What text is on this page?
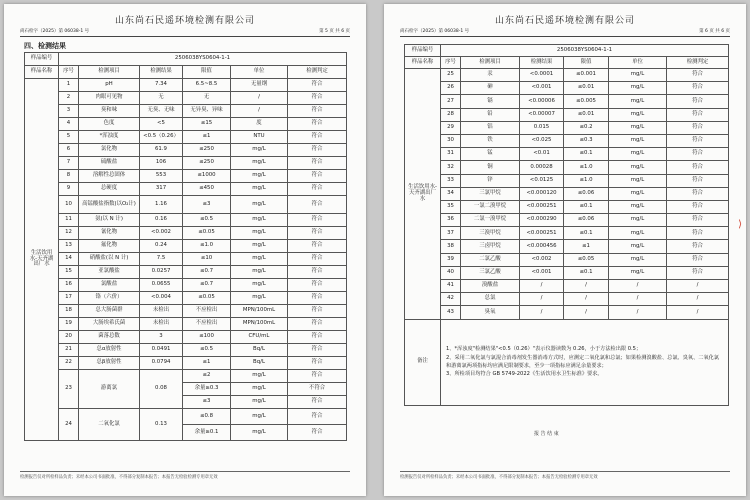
山东尚石民遥环境检测有限公司
尚石检字（2025）第 06038-1 号	第 5 页 共 6 页
四、检测结果
样品编号	2506038YS0604-1-1					
样品名称	序号	检测项目	检测结果	限值	单位	检测判定
生活饮用水-天齐湖出厂水	1	pH	7.34	6.5~8.5	无量纲	符合
	2	肉眼可见物	无	无	/	符合
	3	臭和味	无臭、无味	无异臭、异味	/	符合
	4	色度	<5	≤15	度	符合
	5	*浑浊度	<0.5（0.26）	≤1	NTU	符合
	6	氯化物	61.9	≤250	mg/L	符合
	7	硫酸盐	106	≤250	mg/L	符合
	8	溶解性总固体	553	≤1000	mg/L	符合
	9	总硬度	317	≤450	mg/L	符合
	10	高锰酸盐指数(以O₂计)	1.16	≤3	mg/L	符合
	11	氨(以 N 计)	0.16	≤0.5	mg/L	符合
	12	氰化物	<0.002	≤0.05	mg/L	符合
	13	氟化物	0.24	≤1.0	mg/L	符合
	14	硝酸盐(以 N 计)	7.5	≤10	mg/L	符合
	15	亚氯酸盐	0.0257	≤0.7	mg/L	符合
	16	氯酸盐	0.0655	≤0.7	mg/L	符合
	17	铬（六价）	<0.004	≤0.05	mg/L	符合
	18	总大肠菌群	未检出	不应检出	MPN/100mL	符合
	19	大肠埃希氏菌	未检出	不应检出	MPN/100mL	符合
	20	菌落总数	3	≤100	CFU/mL	符合
	21	总α放射性	0.0491	≤0.5	Bq/L	符合
	22	总β放射性	0.0794	≤1	Bq/L	符合
	23	游离氯	0.08	≤2	mg/L	符合
				余量≥0.3	mg/L	不符合
				≤3	mg/L	符合
	24	二氧化氯	0.13	≤0.8	mg/L	符合
				余量≥0.1	mg/L	符合
检测报告仅对所检样品负责；未经本公司书面批准，不得部分复制本报告；本报告无检验检测专用章无效
山东尚石民遥环境检测有限公司
尚石检字（2025）第 06038-1 号	第 6 页 共 6 页
样品编号	2506038YS0604-1-1					
样品名称	序号	检测项目	检测结果	限值	单位	检测判定
生活饮用水-天齐湖出厂水	25	汞	<0.0001	≤0.001	mg/L	符合
	26	砷	<0.001	≤0.01	mg/L	符合
	27	镉	<0.00006	≤0.005	mg/L	符合
	28	铅	<0.00007	≤0.01	mg/L	符合
	29	铝	0.015	≤0.2	mg/L	符合
	30	铁	<0.025	≤0.3	mg/L	符合
	31	锰	<0.01	≤0.1	mg/L	符合
	32	铜	0.00028	≤1.0	mg/L	符合
	33	锌	<0.0125	≤1.0	mg/L	符合
	34	三氯甲烷	<0.000120	≤0.06	mg/L	符合
	35	一氯二溴甲烷	<0.000251	≤0.1	mg/L	符合
	36	二氯一溴甲烷	<0.000290	≤0.06	mg/L	符合
	37	三溴甲烷	<0.000251	≤0.1	mg/L	符合
	38	三卤甲烷	<0.000456	≤1	mg/L	符合
	39	二氯乙酸	<0.002	≤0.05	mg/L	符合
	40	三氯乙酸	<0.001	≤0.1	mg/L	符合
	41	溴酸盐	/	/	/	/
	42	总氯	/	/	/	/
	43	臭氧	/	/	/	/
备注	1、*浑浊度"检测结果"<0.5（0.26）"表示仪器读数为 0.26，小于方法检出限 0.5；
2、采用二氧化氯与氯混合消毒剂发生器消毒方式时，应测定二氧化氯和总氯；如果检测溴酸盐、总氯、臭氧、二氧化氯和游离氯两项指标均应满足限制要求，至少一项指标应满足余量要求；
3、所检项目均符合 GB 5749-2022《生活饮用水卫生标准》要求。					
报 告 结 束
检测报告仅对所检样品负责；未经本公司书面批准，不得部分复制本报告；本报告无检验检测专用章无效
⟩
